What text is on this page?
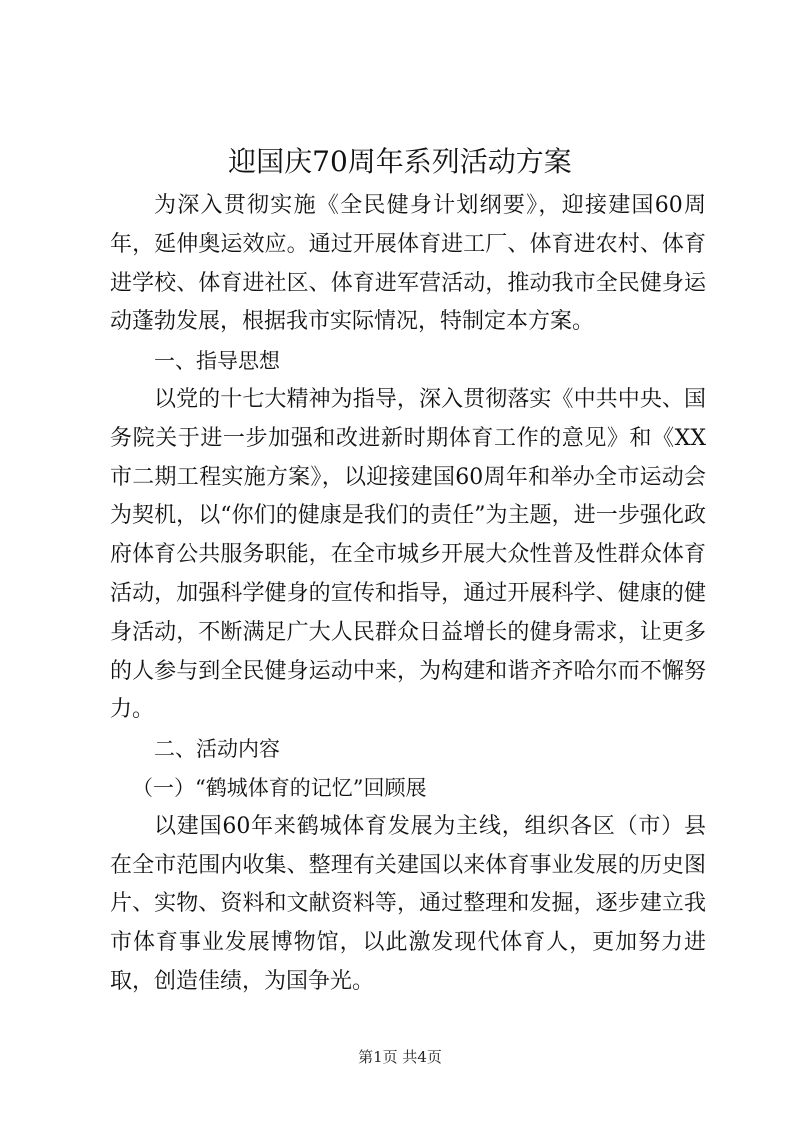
迎国庆70周年系列活动方案

为深入贯彻实施《全民健身计划纲要》，迎接建国60周年，延伸奥运效应。通过开展体育进工厂、体育进农村、体育进学校、体育进社区、体育进军营活动，推动我市全民健身运动蓬勃发展，根据我市实际情况，特制定本方案。

一、指导思想

以党的十七大精神为指导，深入贯彻落实《中共中央、国务院关于进一步加强和改进新时期体育工作的意见》和《XX市二期工程实施方案》，以迎接建国60周年和举办全市运动会为契机，以“你们的健康是我们的责任”为主题，进一步强化政府体育公共服务职能，在全市城乡开展大众性普及性群众体育活动，加强科学健身的宣传和指导，通过开展科学、健康的健身活动，不断满足广大人民群众日益增长的健身需求，让更多的人参与到全民健身运动中来，为构建和谐齐齐哈尔而不懈努力。

二、活动内容

（一）“鹤城体育的记忆”回顾展

以建国60年来鹤城体育发展为主线，组织各区（市）县在全市范围内收集、整理有关建国以来体育事业发展的历史图片、实物、资料和文献资料等，通过整理和发掘，逐步建立我市体育事业发展博物馆，以此激发现代体育人，更加努力进取，创造佳绩，为国争光。

第1页 共4页
